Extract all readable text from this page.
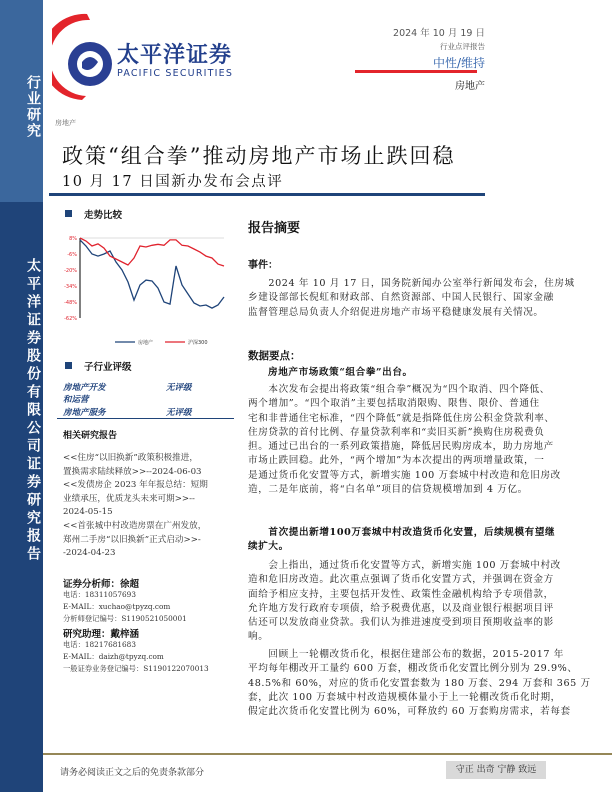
行业研究
太平洋证券股份有限公司证券研究报告
太平洋证券
PACIFIC SECURITIES
2024 年 10 月 19 日
行业点评报告
中性/维持
房地产
房地产
政策“组合拳”推动房地产市场止跌回稳
10 月 17 日国新办发布会点评
走势比较
8%
-6%
-20%
-34%
-48%
-62%
房地产	沪深300
子行业评级
房地产开发
和运营
无评级
房地产服务	无评级
相关研究报告
<<住房“以旧换新”政策积极推进，
置换需求陆续释放>>--2024-06-03
<<发债房企 2023 年年报总结：短期
业绩承压，优质龙头未来可期>>--
2024-05-15
<<首张城中村改造房票在广州发放，
郑州二手房“以旧换新”正式启动>>-
-2024-04-23
证券分析师：徐超
电话：18311057693
E-MAIL：xuchao@tpyzq.com
分析师登记编号：S1190521050001
研究助理：戴梓涵
电话：18217681683
E-MAIL：daizh@tpyzq.com
一般证券业务登记编号：S1190122070013
报告摘要
事件：
　　2024 年 10 月 17 日，国务院新闻办公室举行新闻发布会，住房城
乡建设部部长倪虹和财政部、自然资源部、中国人民银行、国家金融
监督管理总局负责人介绍促进房地产市场平稳健康发展有关情况。
数据要点：
房地产市场政策“组合拳”出台。
　　本次发布会提出将政策“组合拳”概况为“四个取消、四个降低、
两个增加”。“四个取消”主要包括取消限购、限售、限价、普通住
宅和非普通住宅标准，“四个降低”就是指降低住房公积金贷款利率、
住房贷款的首付比例、存量贷款利率和“卖旧买新”换购住房税费负
担。通过已出台的一系列政策措施，降低居民购房成本，助力房地产
市场止跌回稳。此外，“两个增加”为本次提出的两项增量政策，一
是通过货币化安置等方式，新增实施 100 万套城中村改造和危旧房改
造，二是年底前，将“白名单”项目的信贷规模增加到 4 万亿。
　　首次提出新增100万套城中村改造货币化安置，后续规模有望继
续扩大。
　　会上指出，通过货币化安置等方式，新增实施 100 万套城中村改
造和危旧房改造。此次重点强调了货币化安置方式，并强调在资金方
面给予相应支持，主要包括开发性、政策性金融机构给予专项借款，
允许地方发行政府专项债，给予税费优惠，以及商业银行根据项目评
估还可以发放商业贷款。我们认为推进速度受到项目预期收益率的影
响。
　　回顾上一轮棚改货币化，根据住建部公布的数据，2015-2017 年
平均每年棚改开工量约 600 万套，棚改货币化安置比例分别为 29.9%、
48.5%和 60%，对应的货币化安置套数为 180 万套、294 万套和 365 万
套，此次 100 万套城中村改造规模体量小于上一轮棚改货币化时期，
假定此次货币化安置比例为 60%，可释放约 60 万套购房需求，若每套
请务必阅读正文之后的免责条款部分	守正 出奇 宁静 致远
